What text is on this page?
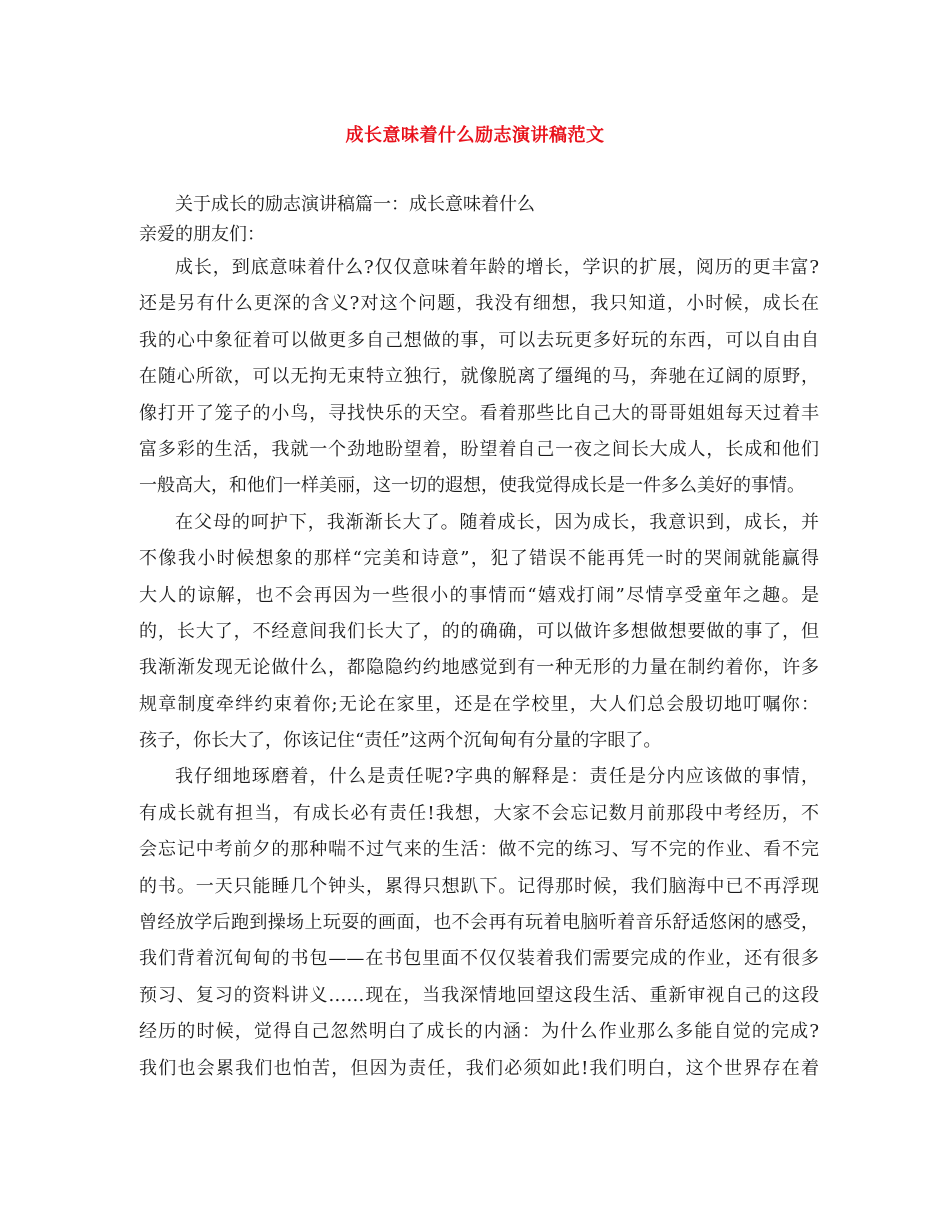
成长意味着什么励志演讲稿范文

关于成长的励志演讲稿篇一：成长意味着什么

亲爱的朋友们：

成长，到底意味着什么?仅仅意味着年龄的增长，学识的扩展，阅历的更丰富?
还是另有什么更深的含义?对这个问题，我没有细想，我只知道，小时候，成长在
我的心中象征着可以做更多自己想做的事，可以去玩更多好玩的东西，可以自由自
在随心所欲，可以无拘无束特立独行，就像脱离了缰绳的马，奔驰在辽阔的原野，
像打开了笼子的小鸟，寻找快乐的天空。看着那些比自己大的哥哥姐姐每天过着丰
富多彩的生活，我就一个劲地盼望着，盼望着自己一夜之间长大成人，长成和他们
一般高大，和他们一样美丽，这一切的遐想，使我觉得成长是一件多么美好的事情。
在父母的呵护下，我渐渐长大了。随着成长，因为成长，我意识到，成长，并
不像我小时候想象的那样“完美和诗意”，犯了错误不能再凭一时的哭闹就能赢得
大人的谅解，也不会再因为一些很小的事情而“嬉戏打闹”尽情享受童年之趣。是
的，长大了，不经意间我们长大了，的的确确，可以做许多想做想要做的事了，但
我渐渐发现无论做什么，都隐隐约约地感觉到有一种无形的力量在制约着你，许多
规章制度牵绊约束着你;无论在家里，还是在学校里，大人们总会殷切地叮嘱你：
孩子，你长大了，你该记住“责任”这两个沉甸甸有分量的字眼了。
我仔细地琢磨着，什么是责任呢?字典的解释是：责任是分内应该做的事情，
有成长就有担当，有成长必有责任!我想，大家不会忘记数月前那段中考经历，不
会忘记中考前夕的那种喘不过气来的生活：做不完的练习、写不完的作业、看不完
的书。一天只能睡几个钟头，累得只想趴下。记得那时候，我们脑海中已不再浮现
曾经放学后跑到操场上玩耍的画面，也不会再有玩着电脑听着音乐舒适悠闲的感受，
我们背着沉甸甸的书包——在书包里面不仅仅装着我们需要完成的作业，还有很多
预习、复习的资料讲义……现在，当我深情地回望这段生活、重新审视自己的这段
经历的时候，觉得自己忽然明白了成长的内涵：为什么作业那么多能自觉的完成?
我们也会累我们也怕苦，但因为责任，我们必须如此!我们明白，这个世界存在着
